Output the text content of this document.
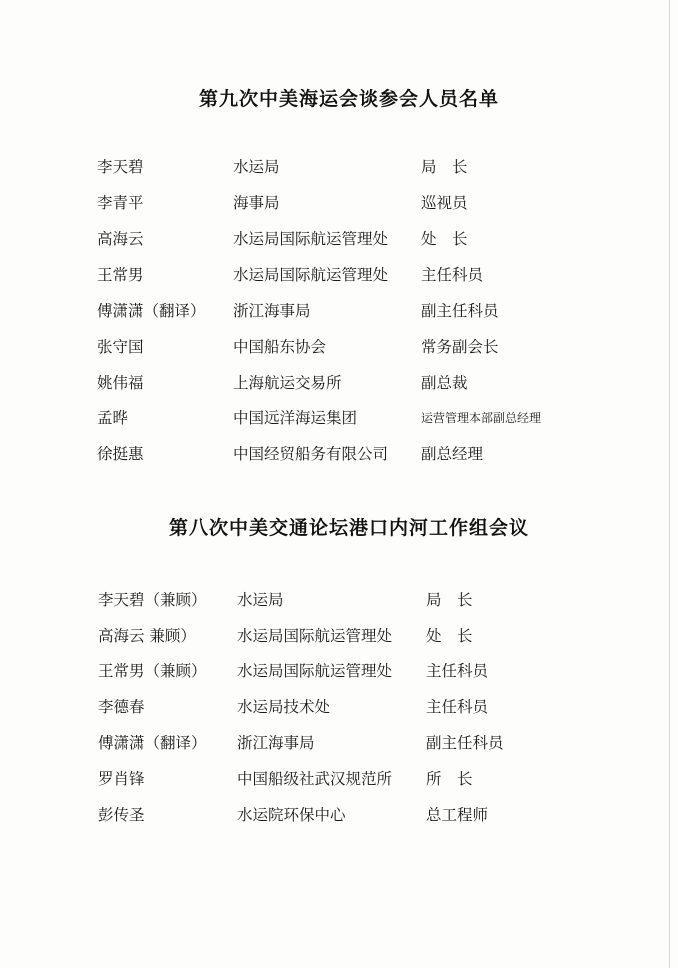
第九次中美海运会谈参会人员名单
李天碧	水运局	局　长
李青平	海事局	巡视员
高海云	水运局国际航运管理处 处　长
王常男	水运局国际航运管理处 主任科员
傅潇潇（翻译） 浙江海事局	副主任科员
张守国	中国船东协会	常务副会长
姚伟福	上海航运交易所	副总裁
孟晔	中国远洋海运集团	运营管理本部副总经理
徐挺惠	中国经贸船务有限公司 副总经理
第八次中美交通论坛港口内河工作组会议
李天碧（兼顾） 水运局	局　长
高海云 兼顾）	水运局国际航运管理处 处　长
王常男（兼顾） 水运局国际航运管理处 主任科员
李德春	水运局技术处	主任科员
傅潇潇（翻译） 浙江海事局	副主任科员
罗肖锋	中国船级社武汉规范所 所　长
彭传圣	水运院环保中心	总工程师
